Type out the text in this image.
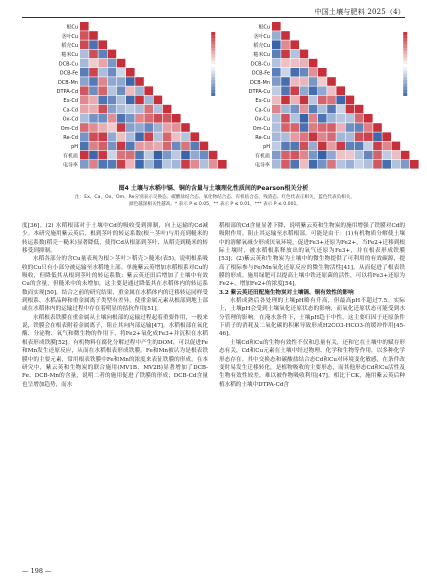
中国土壤与肥料 2025（4）
根Cu
茎叶Cu
稻壳Cu
糙米Cu
DCB-Cu
DCB-Fe
DCB-Mn
DTPA-Cd
Ex-Cd
Ca-Cd
Ox-Cd
Om-Cd
Re-Cd
pH
有机质
电导率
根Cu
茎叶Cu
稻壳Cu
糙米Cu
DCB-Cu
DCB-Fe
DCB-Mn
DTPA-Cu
Ex-Cu
Ca-Cu
Ox-Cu
Om-Cu
Re-Cu
pH
有机质
电导率
图4 土壤与水稻中镉、铜的含量与土壤理化性质间的Pearson相关分析
注：Ex、Ca、Ox、Om、Re分别表示交换态、碳酸盐结合态、氧化物结合态、有机结合态、残渣态。红色代表正相关，蓝色代表负相关，
颜色越深相关性越高。* 表示 P ≤ 0.05，** 表示 P ≤ 0.01，*** 表示 P ≤ 0.001。

度[36]。(2) 水稻根部对于土壤中Cd的吸收受到抑制，向上运输的Cd减少。本研究施用紫云英后，根到茎叶的转运系数(根－茎叶)与用亮到糙米的转运系数(稻壳－糙米)显著降低，使得Cd从根部到茎叶、从稻壳到糙米的转移受到抑制。

水稻各部分的含Cu量表现为根＞茎叶＞稻壳＞糙米(表5)，说明根系吸收的Cu只有小部分被运输至水稻地上部。单施紫云英增加水稻根系对Cu的吸收，但降低其从根到茎叶的转运系数；紫云英还田后增加了土壤中有效Cu的含量，但糙米中的未增加，这主要是通过降低其在水稻体内的转运系数而实现[50]。结合之前的研究结果，重金属在水稻体内的迁移转运同样受到根系、水稻品种和重金属离子类型有差异，使重金属元素从根部到地上部或在水稻体内的运输过程中存在着明显的拮抗作用[51]。

水稻根表铁膜在重金属从土壤向根部的运输过程起着重要作用，一般来说，铁膜会在根表附着金属离子，阻止其向内部运输[47]。水稻根部在氧化酶、分泌物、氧气和微生物的作用下，将Fe2+氧化成Fe3+并沉积在水稻根表形成铁膜[52]。有机物料在腐化分解过程中产生的DOM，可以促进Fe和Mn发生还原反应，从而在水稻根表形成铁膜。Fe和Mn被认为是根表铁膜中的主要元素，常用根表铁膜中Fe和Mn的浓度来表征铁膜的形成。在本研究中，紫云英和生物炭的联合施用(MV1B、MV2B)显著增加了DCB-Fe、DCB-Mn的含量，说明二者的施用促进了铁膜的形成；DCB-Cd含量也呈增加趋势，而水

稻根部的Cd含量显著下降，说明紫云英和生物炭的施用增强了铁膜对Cd的吸附作用，阻止其运输至水稻根部。可能是由于：(1)有机物质分解使土壤中的溶解氧减少形成厌氧环境，促进Fe3+还原为Fe2+，当Fe2+迁移到根际土壤时，被水稻根系释放出的氧气还原为Fe3+，并在根表形成铁膜[53]；(2)紫云英和生物炭为土壤中的微生物提供了可利用的有效碳源，提高了根际参与Fe/Mn氧化还原反应的微生物活性[41]，从而促进了根表铁膜的形成。施用绿肥可以提高土壤中铁还原菌的活性，可以将Fe3+还原为Fe2+，增加Fe2+的浓度[54]。

3.2 紫云英还田配施生物炭对土壤镉、铜有效性的影响

水稻成熟后各处理的土壤pH略有升高，但最高pH不超过7.5。实际上，土壤pH会受到土壤氧化还原状态的影响，而氧化还原状态可能受到水分管理的影响。在淹水条件下，土壤pH趋于中性，这主要归因于还原条件下质子的消耗及二氧化碳的积累导致形成H2CO3-HCO3-的缓冲作用[45-46]。

土壤Cd和Cu的生物有效性不仅和总量有关，还和它在土壤中的赋存形态有关，Cd和Cu元素在土壤中经过物理、化学和生物等作用，以多种化学形态存在。其中交换态和碳酸盐结合态Cd和Cu对环境变化敏感，在条件改变时易发生迁移转化，是植物吸收的主要形态，而其他形态Cd和Cu活性及生物有效性较差，难以被作物吸收利用[47]。相比于CK，施用紫云英后种植水稻的土壤中DTPA-Cd含

— 198 —
